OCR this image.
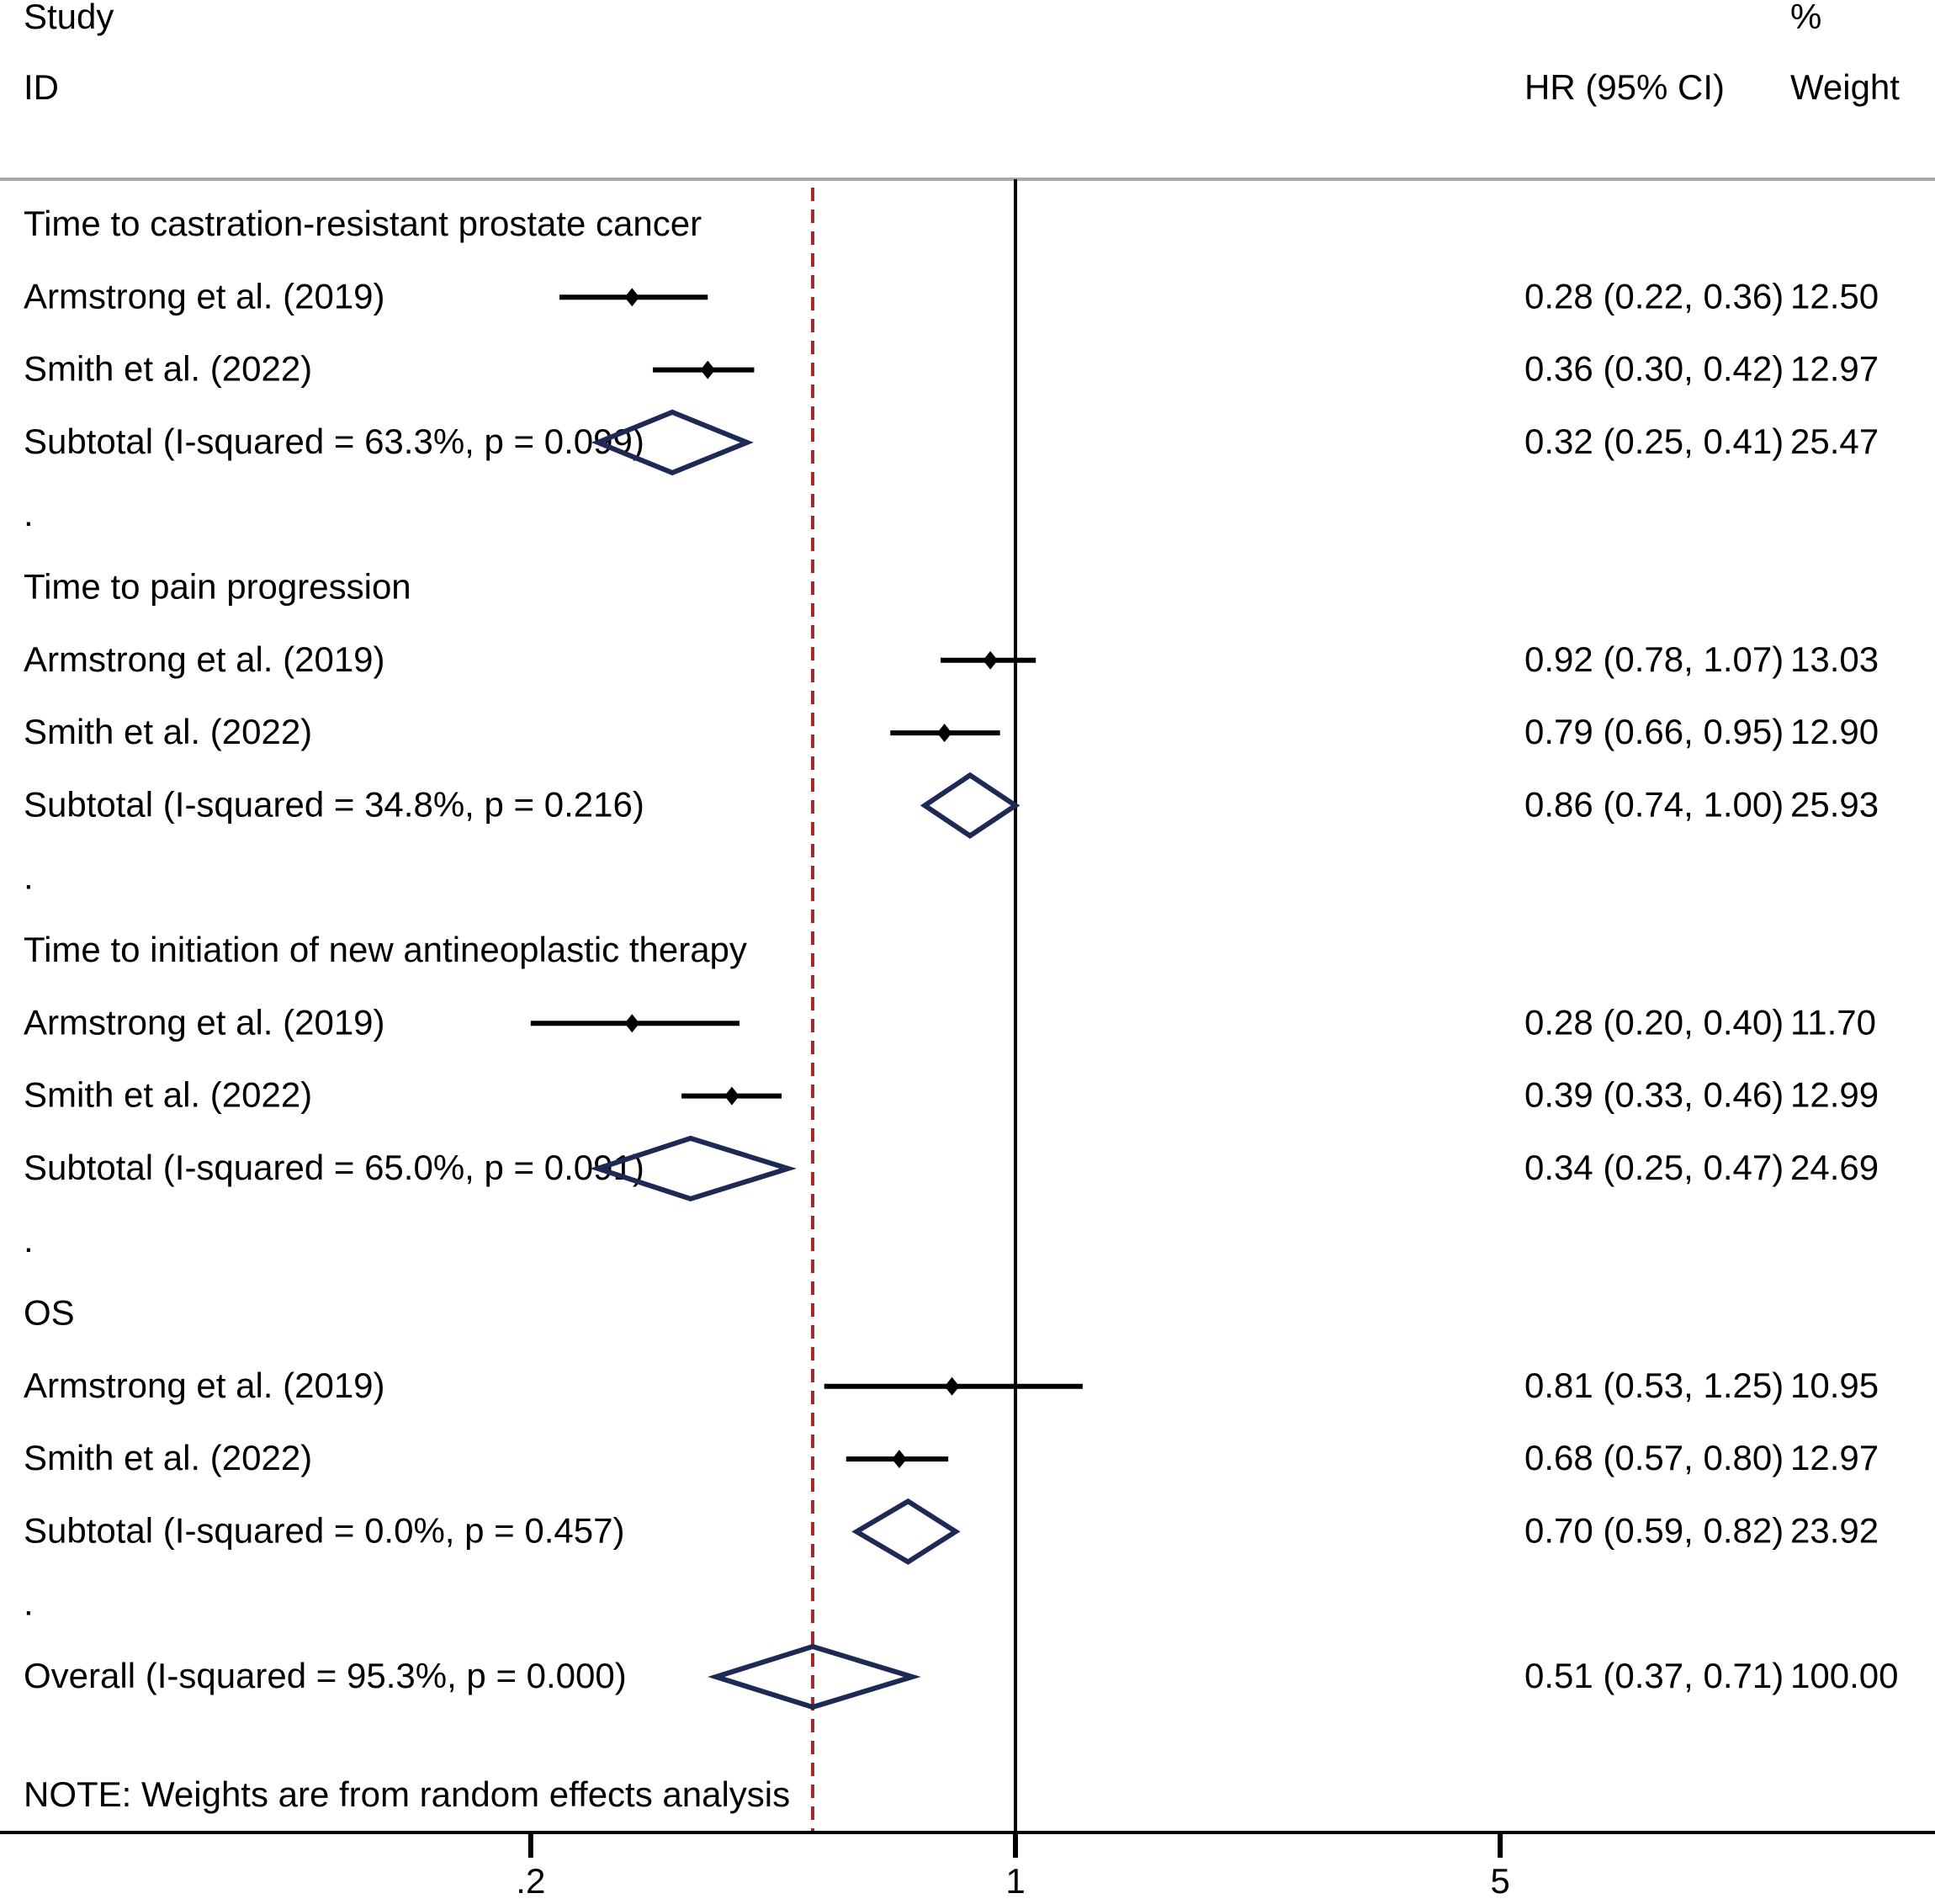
Study
ID	HR (95% CI)
%
Weight
Time to castration-resistant prostate cancer
Armstrong et al. (2019)	0.28 (0.22, 0.36) 12.50
Smith et al. (2022)	0.36 (0.30, 0.42) 12.97
Subtotal (I-squared = 63.3%, p = 0.099)	0.32 (0.25, 0.41) 25.47
.
Time to pain progression
Armstrong et al. (2019)	0.92 (0.78, 1.07) 13.03
Smith et al. (2022)	0.79 (0.66, 0.95) 12.90
Subtotal (I-squared = 34.8%, p = 0.216)	0.86 (0.74, 1.00) 25.93
.
Time to initiation of new antineoplastic therapy
Armstrong et al. (2019)	0.28 (0.20, 0.40) 11.70
Smith et al. (2022)	0.39 (0.33, 0.46) 12.99
Subtotal (I-squared = 65.0%, p = 0.091)	0.34 (0.25, 0.47) 24.69
.
OS
Armstrong et al. (2019)	0.81 (0.53, 1.25) 10.95
Smith et al. (2022)	0.68 (0.57, 0.80) 12.97
Subtotal (I-squared = 0.0%, p = 0.457)	0.70 (0.59, 0.82) 23.92
.
Overall (I-squared = 95.3%, p = 0.000)	0.51 (0.37, 0.71) 100.00
.2	1	5
NOTE: Weights are from random effects analysis
